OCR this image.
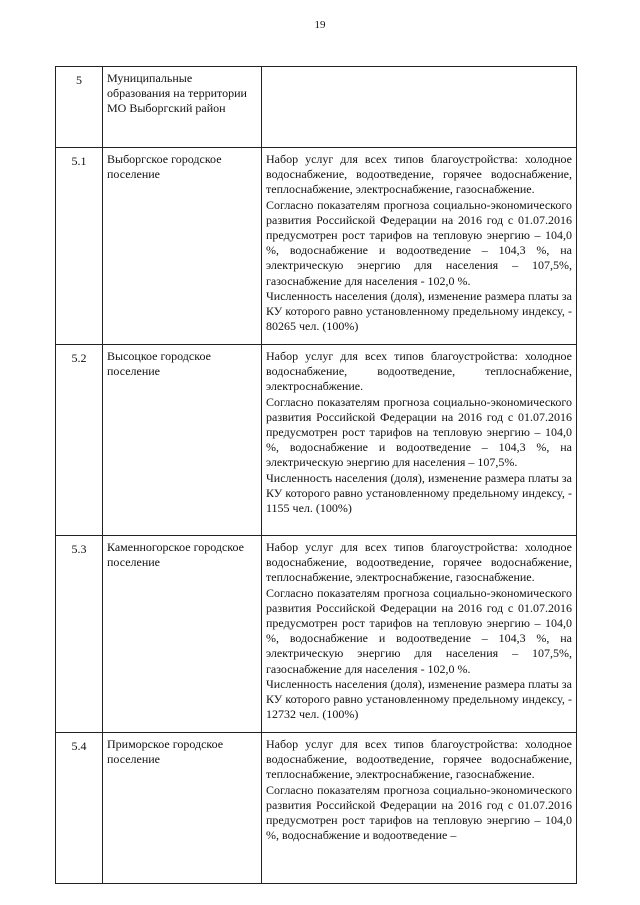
19
5	Муниципальные образования на территории МО Выборгский район	
5.1	Выборгское городское поселение	Набор услуг для всех типов благоустройства: холодное водоснабжение, водоотведение, горячее водоснабжение, теплоснабжение, электроснабжение, газоснабжение.

Согласно показателям прогноза социально-экономического развития Российской Федерации на 2016 год с 01.07.2016 предусмотрен рост тарифов на тепловую энергию – 104,0 %, водоснабжение и водоотведение – 104,3 %, на электрическую энергию для населения – 107,5%, газоснабжение для населения - 102,0 %.

Численность населения (доля), изменение размера платы за КУ которого равно установленному предельному индексу, - 80265 чел. (100%)

5.2	Высоцкое городское поселение	Набор услуг для всех типов благоустройства: холодное водоснабжение, водоотведение, теплоснабжение, электроснабжение.

Согласно показателям прогноза социально-экономического развития Российской Федерации на 2016 год с 01.07.2016 предусмотрен рост тарифов на тепловую энергию – 104,0 %, водоснабжение и водоотведение – 104,3 %, на электрическую энергию для населения – 107,5%.

Численность населения (доля), изменение размера платы за КУ которого равно установленному предельному индексу, - 1155 чел. (100%)

5.3	Каменногорское городское поселение	Набор услуг для всех типов благоустройства: холодное водоснабжение, водоотведение, горячее водоснабжение, теплоснабжение, электроснабжение, газоснабжение.

Согласно показателям прогноза социально-экономического развития Российской Федерации на 2016 год с 01.07.2016 предусмотрен рост тарифов на тепловую энергию – 104,0 %, водоснабжение и водоотведение – 104,3 %, на электрическую энергию для населения – 107,5%, газоснабжение для населения - 102,0 %.

Численность населения (доля), изменение размера платы за КУ которого равно установленному предельному индексу, - 12732 чел. (100%)

5.4	Приморское городское поселение	Набор услуг для всех типов благоустройства: холодное водоснабжение, водоотведение, горячее водоснабжение, теплоснабжение, электроснабжение, газоснабжение.

Согласно показателям прогноза социально-экономического развития Российской Федерации на 2016 год с 01.07.2016 предусмотрен рост тарифов на тепловую энергию – 104,0 %, водоснабжение и водоотведение –
